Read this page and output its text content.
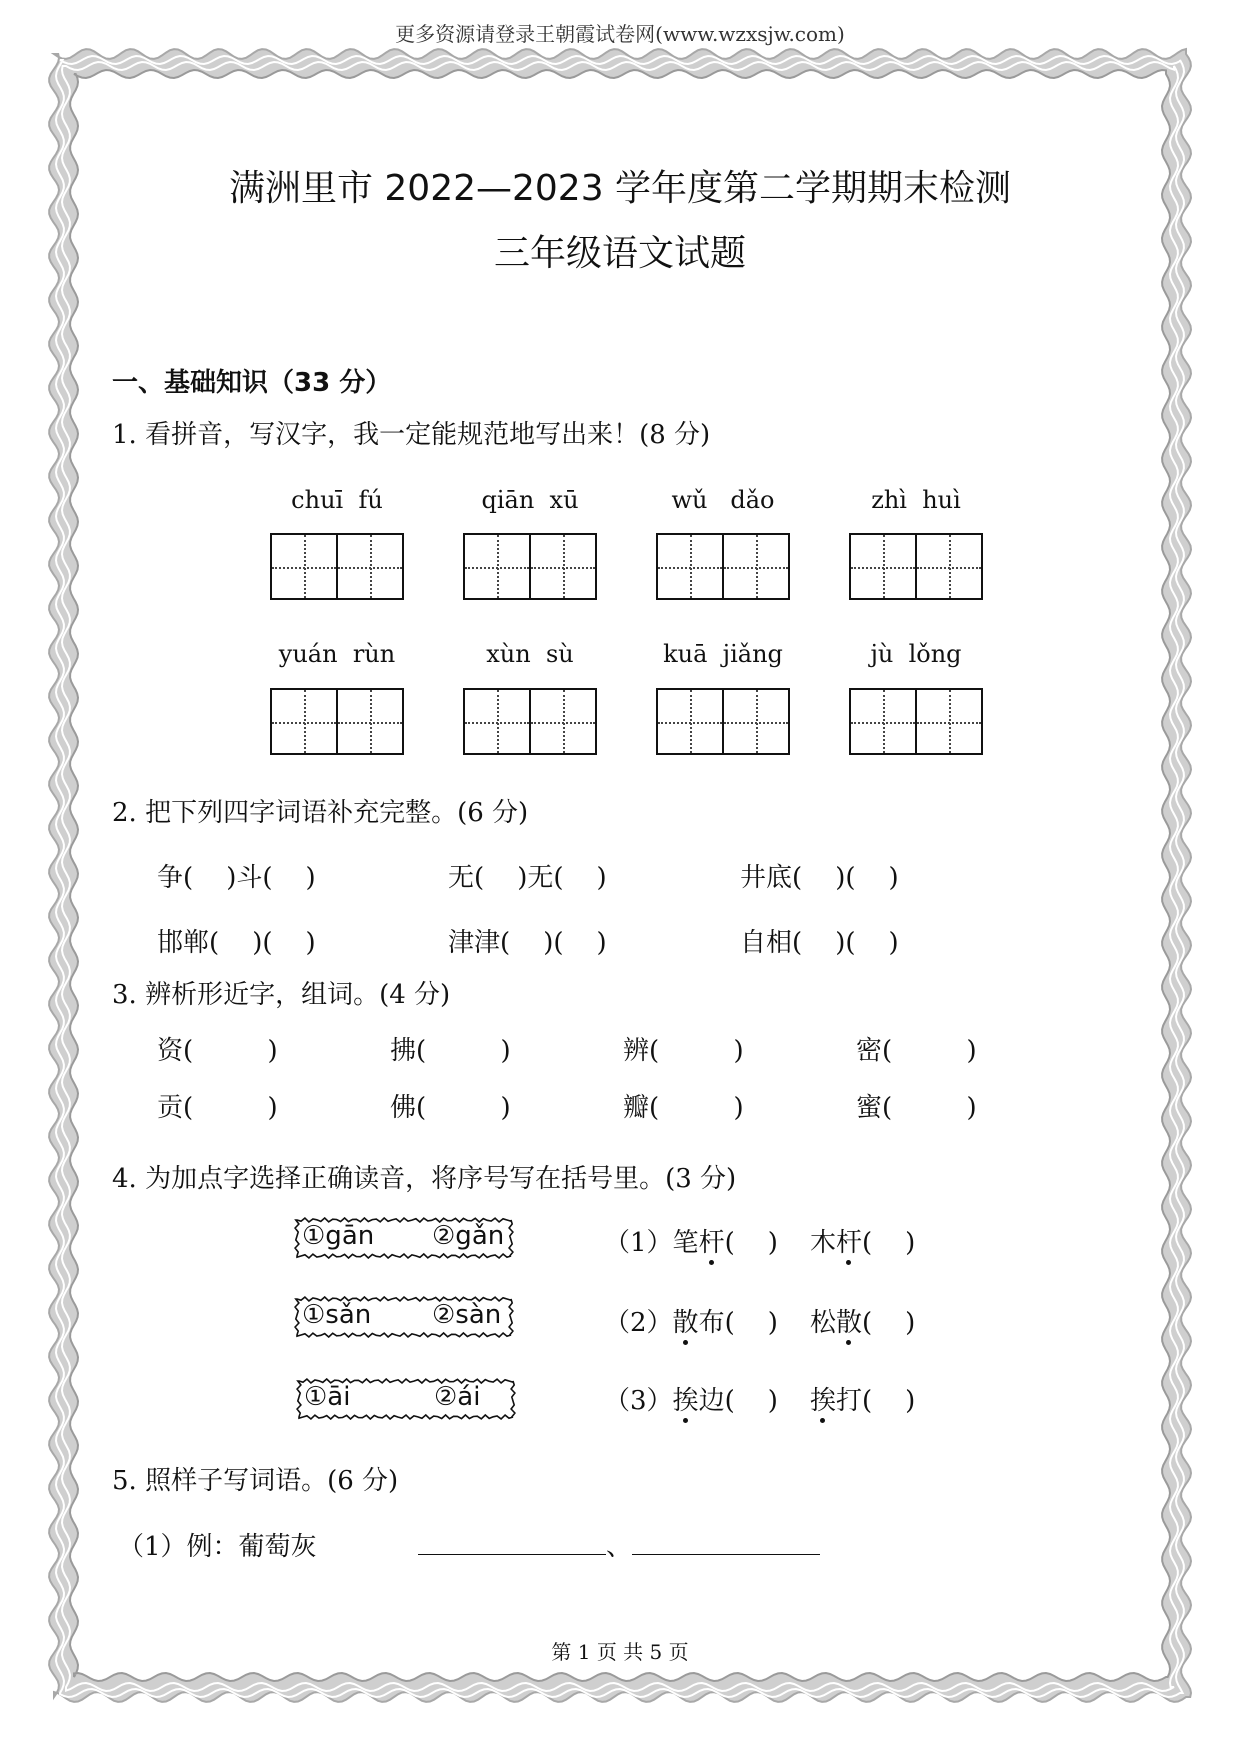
更多资源请登录王朝霞试卷网(www.wzxsjw.com)
满洲里市 2022—2023 学年度第二学期期末检测
三年级语文试题
一、基础知识（33 分）
1. 看拼音，写汉字，我一定能规范地写出来！(8 分)
chuī  fú	qiān  xū	wǔ   dǎo	zhì  huì
yuán  rùn	xùn  sù	kuā  jiǎng	jù  lǒng
2. 把下列四字词语补充完整。(6 分)
争(    )斗(    )	无(    )无(    )	井底(    )(    )
邯郸(    )(    )	津津(    )(    )	自相(    )(    )
3. 辨析形近字，组词。(4 分)
资(         )	拂(         )	辨(         )	密(         )
贡(         )	佛(         )	瓣(         )	蜜(         )
4. 为加点字选择正确读音，将序号写在括号里。(3 分)
①gān ②gǎn	（1）笔杆(    ) 木杆(    )
①sǎn ②sàn	（2）散布(    ) 松散(    )
①āi	②ái	（3）挨边(    ) 挨打(    )
5. 照样子写词语。(6 分)
（1）例：葡萄灰	、
第 1 页 共 5 页
